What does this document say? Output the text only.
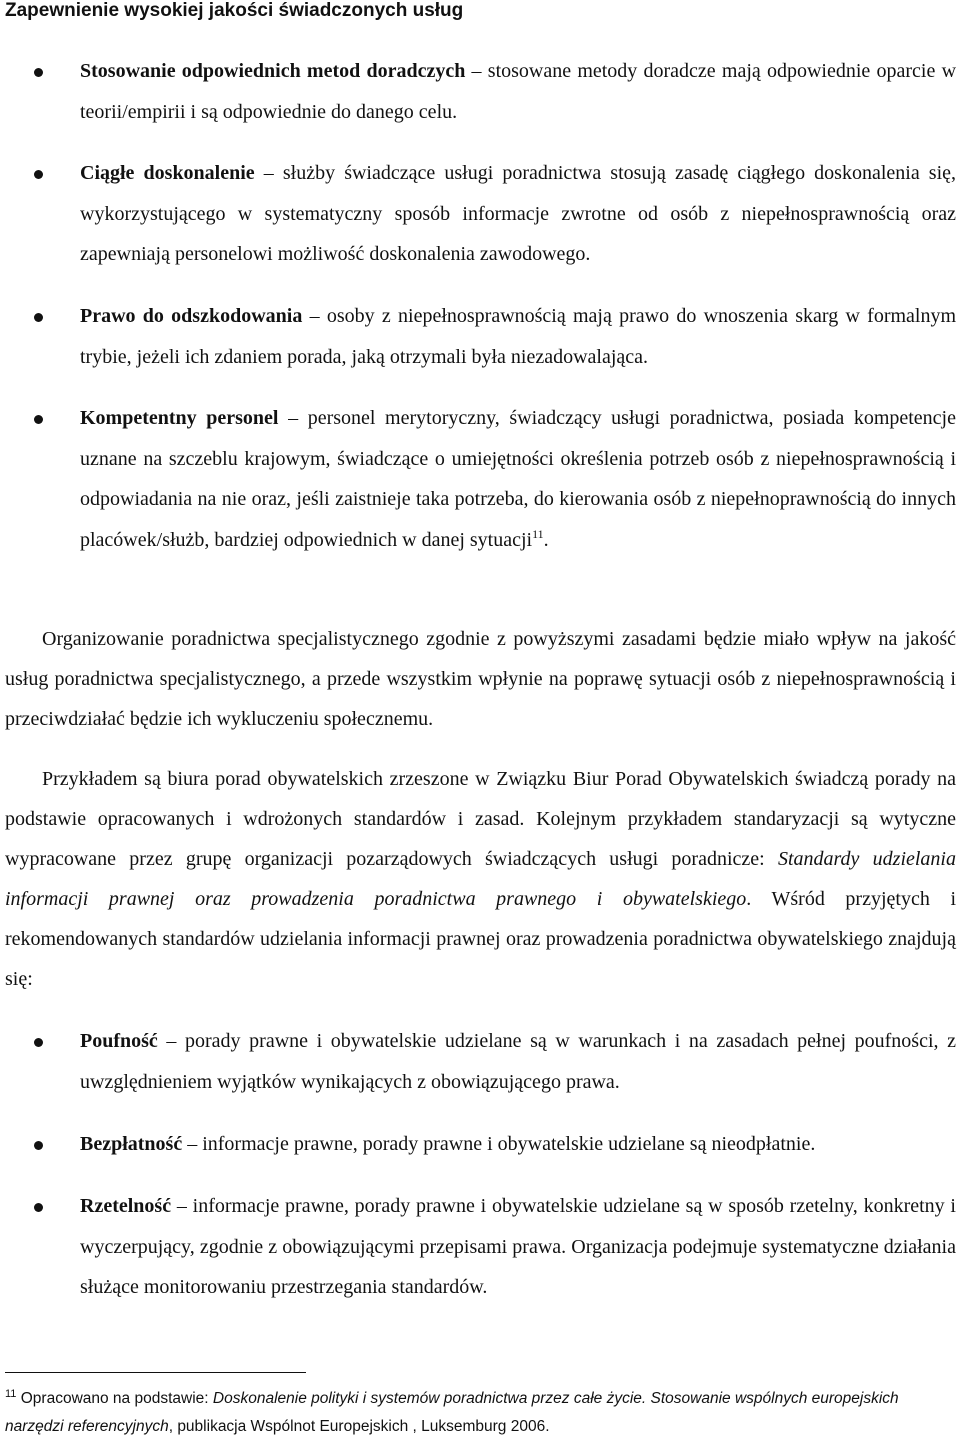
Zapewnienie wysokiej jakości świadczonych usług
Stosowanie odpowiednich metod doradczych – stosowane metody doradcze mają odpowiednie oparcie w teorii/empirii i są odpowiednie do danego celu.
Ciągłe doskonalenie – służby świadczące usługi poradnictwa stosują zasadę ciągłego doskonalenia się, wykorzystującego w systematyczny sposób informacje zwrotne od osób z niepełnosprawnością oraz zapewniają personelowi możliwość doskonalenia zawodowego.
Prawo do odszkodowania – osoby z niepełnosprawnością mają prawo do wnoszenia skarg w formalnym trybie, jeżeli ich zdaniem porada, jaką otrzymali była niezadowalająca.
Kompetentny personel – personel merytoryczny, świadczący usługi poradnictwa, posiada kompetencje uznane na szczeblu krajowym, świadczące o umiejętności określenia potrzeb osób z niepełnosprawnością i odpowiadania na nie oraz, jeśli zaistnieje taka potrzeba, do kierowania osób z niepełnoprawnością do innych placówek/służb, bardziej odpowiednich w danej sytuacji$^{11}$.
Organizowanie poradnictwa specjalistycznego zgodnie z powyższymi zasadami będzie miało wpływ na jakość usług poradnictwa specjalistycznego, a przede wszystkim wpłynie na poprawę sytuacji osób z niepełnosprawnością i przeciwdziałać będzie ich wykluczeniu społecznemu.
Przykładem są biura porad obywatelskich zrzeszone w Związku Biur Porad Obywatelskich świadczą porady na podstawie opracowanych i wdrożonych standardów i zasad. Kolejnym przykładem standaryzacji są wytyczne wypracowane przez grupę organizacji pozarządowych świadczących usługi poradnicze: Standardy udzielania informacji prawnej oraz prowadzenia poradnictwa prawnego i obywatelskiego. Wśród przyjętych i rekomendowanych standardów udzielania informacji prawnej oraz prowadzenia poradnictwa obywatelskiego znajdują się:
Poufność – porady prawne i obywatelskie udzielane są w warunkach i na zasadach pełnej poufności, z uwzględnieniem wyjątków wynikających z obowiązującego prawa.
Bezpłatność – informacje prawne, porady prawne i obywatelskie udzielane są nieodpłatnie.
Rzetelność – informacje prawne, porady prawne i obywatelskie udzielane są w sposób rzetelny, konkretny i wyczerpujący, zgodnie z obowiązującymi przepisami prawa. Organizacja podejmuje systematyczne działania służące monitorowaniu przestrzegania standardów.
$^{11}$ Opracowano na podstawie: Doskonalenie polityki i systemów poradnictwa przez całe życie. Stosowanie wspólnych europejskich narzędzi referencyjnych, publikacja Wspólnot Europejskich , Luksemburg 2006.
